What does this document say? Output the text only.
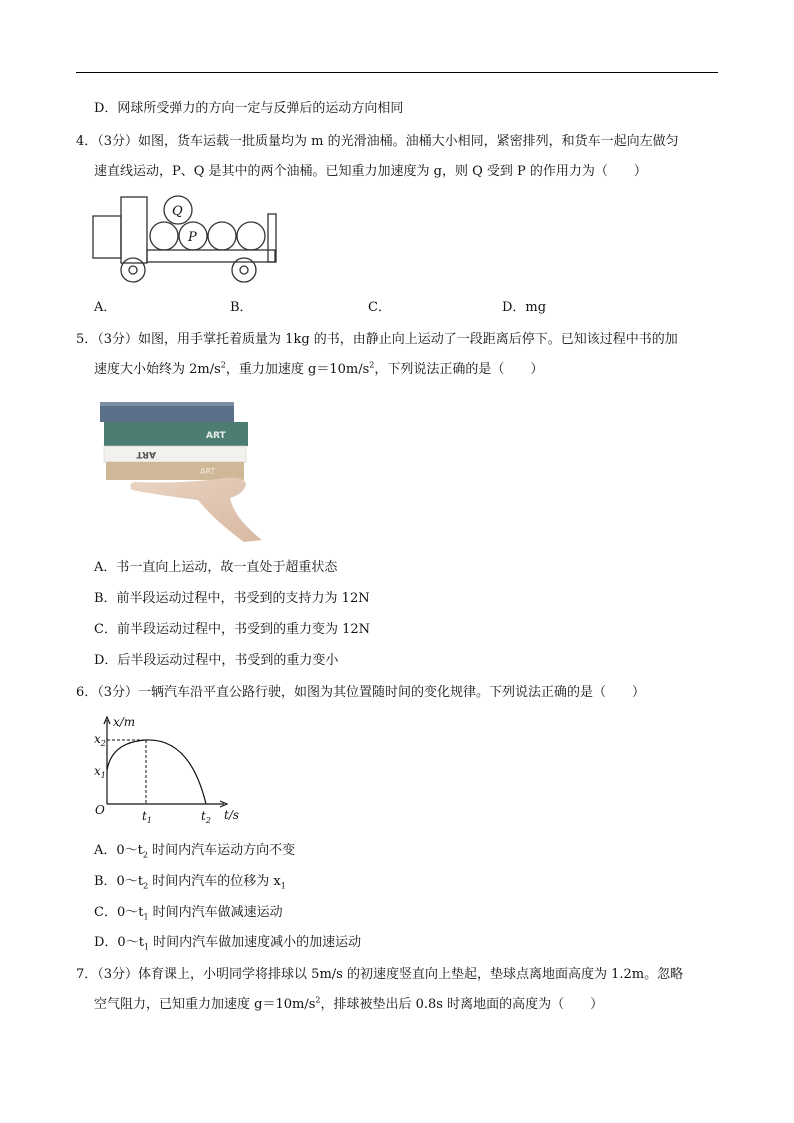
D．网球所受弹力的方向一定与反弹后的运动方向相同
4．（3分）如图，货车运载一批质量均为 m 的光滑油桶。油桶大小相同，紧密排列，和货车一起向左做匀
速直线运动，P、Q 是其中的两个油桶。已知重力加速度为 g，则 Q 受到 P 的作用力为（　　）
Q
P
A．	B．	C．	D．mg
5．（3分）如图，用手掌托着质量为 1kg 的书，由静止向上运动了一段距离后停下。已知该过程中书的加
速度大小始终为 $2m/s^2$，重力加速度 $g=10m/s^2$，下列说法正确的是（　　）
ART
ART
ART
A．书一直向上运动，故一直处于超重状态
B．前半段运动过程中，书受到的支持力为 12N
C．前半段运动过程中，书受到的重力变为 12N
D．后半段运动过程中，书受到的重力变小
6．（3分）一辆汽车沿平直公路行驶，如图为其位置随时间的变化规律。下列说法正确的是（　　）
x/m
t/s
O
$x_2$
$x_1$
$t_1$	$t_2$
A．$0\sim t_2$ 时间内汽车运动方向不变
B．$0\sim t_2$ 时间内汽车的位移为 $x_1$
C．$0\sim t_1$ 时间内汽车做减速运动
D．$0\sim t_1$ 时间内汽车做加速度减小的加速运动
7．（3分）体育课上，小明同学将排球以 5m/s 的初速度竖直向上垫起，垫球点离地面高度为 1.2m。忽略
空气阻力，已知重力加速度 $g=10m/s^2$，排球被垫出后 0.8s 时离地面的高度为（　　）
